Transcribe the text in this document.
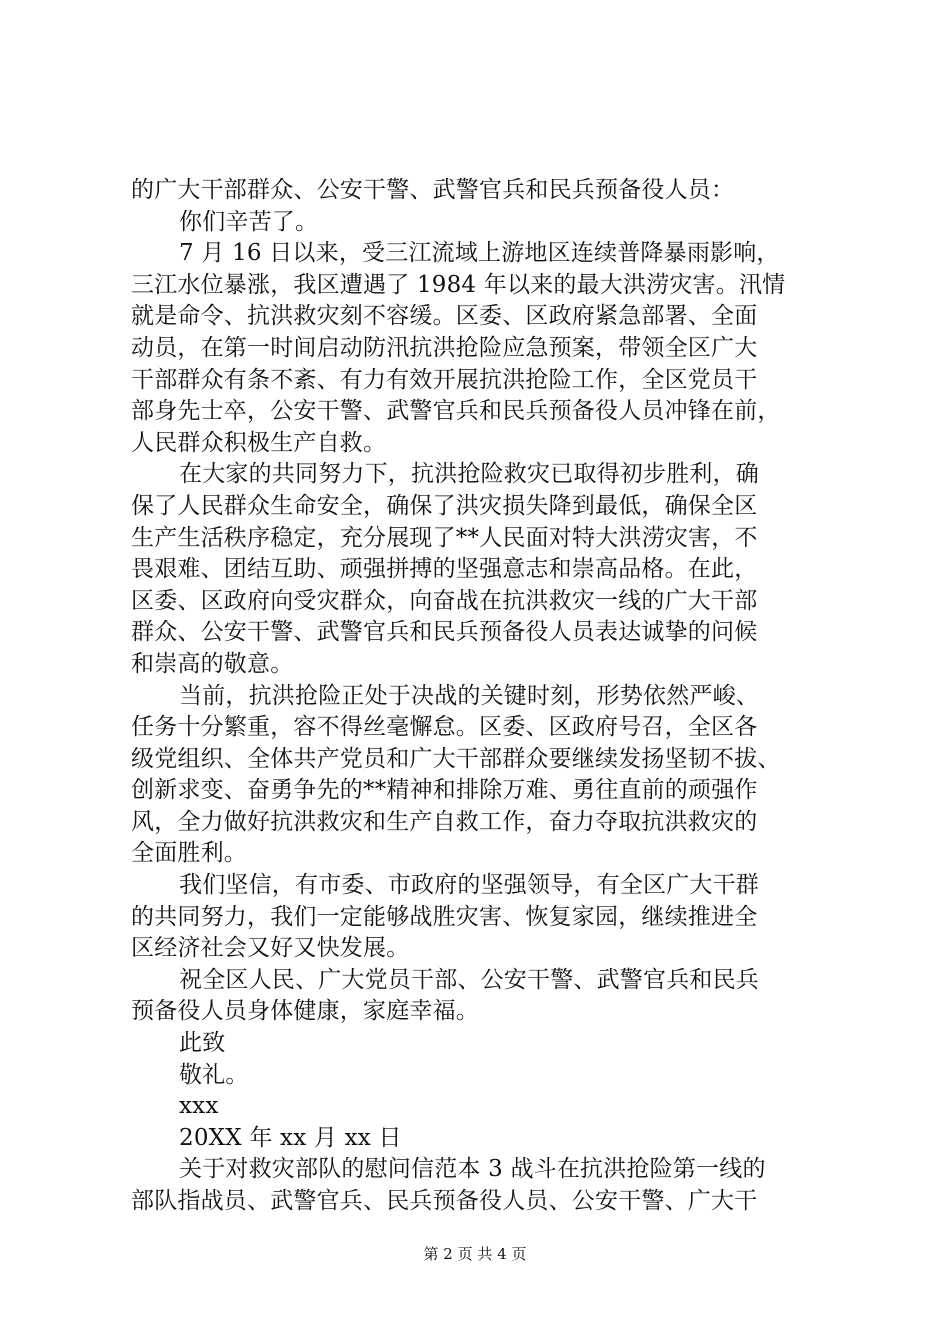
的广大干部群众、公安干警、武警官兵和民兵预备役人员：
你们辛苦了。
7 月 16 日以来，受三江流域上游地区连续普降暴雨影响，
三江水位暴涨，我区遭遇了 1984 年以来的最大洪涝灾害。汛情
就是命令、抗洪救灾刻不容缓。区委、区政府紧急部署、全面
动员，在第一时间启动防汛抗洪抢险应急预案，带领全区广大
干部群众有条不紊、有力有效开展抗洪抢险工作，全区党员干
部身先士卒，公安干警、武警官兵和民兵预备役人员冲锋在前，
人民群众积极生产自救。
在大家的共同努力下，抗洪抢险救灾已取得初步胜利，确
保了人民群众生命安全，确保了洪灾损失降到最低，确保全区
生产生活秩序稳定，充分展现了**人民面对特大洪涝灾害，不
畏艰难、团结互助、顽强拼搏的坚强意志和崇高品格。在此，
区委、区政府向受灾群众，向奋战在抗洪救灾一线的广大干部
群众、公安干警、武警官兵和民兵预备役人员表达诚挚的问候
和崇高的敬意。
当前，抗洪抢险正处于决战的关键时刻，形势依然严峻、
任务十分繁重，容不得丝毫懈怠。区委、区政府号召，全区各
级党组织、全体共产党员和广大干部群众要继续发扬坚韧不拔、
创新求变、奋勇争先的**精神和排除万难、勇往直前的顽强作
风，全力做好抗洪救灾和生产自救工作，奋力夺取抗洪救灾的
全面胜利。
我们坚信，有市委、市政府的坚强领导，有全区广大干群
的共同努力，我们一定能够战胜灾害、恢复家园，继续推进全
区经济社会又好又快发展。
祝全区人民、广大党员干部、公安干警、武警官兵和民兵
预备役人员身体健康，家庭幸福。
此致
敬礼。
xxx
20XX 年 xx 月 xx 日
关于对救灾部队的慰问信范本 3 战斗在抗洪抢险第一线的
部队指战员、武警官兵、民兵预备役人员、公安干警、广大干
第 2 页 共 4 页
